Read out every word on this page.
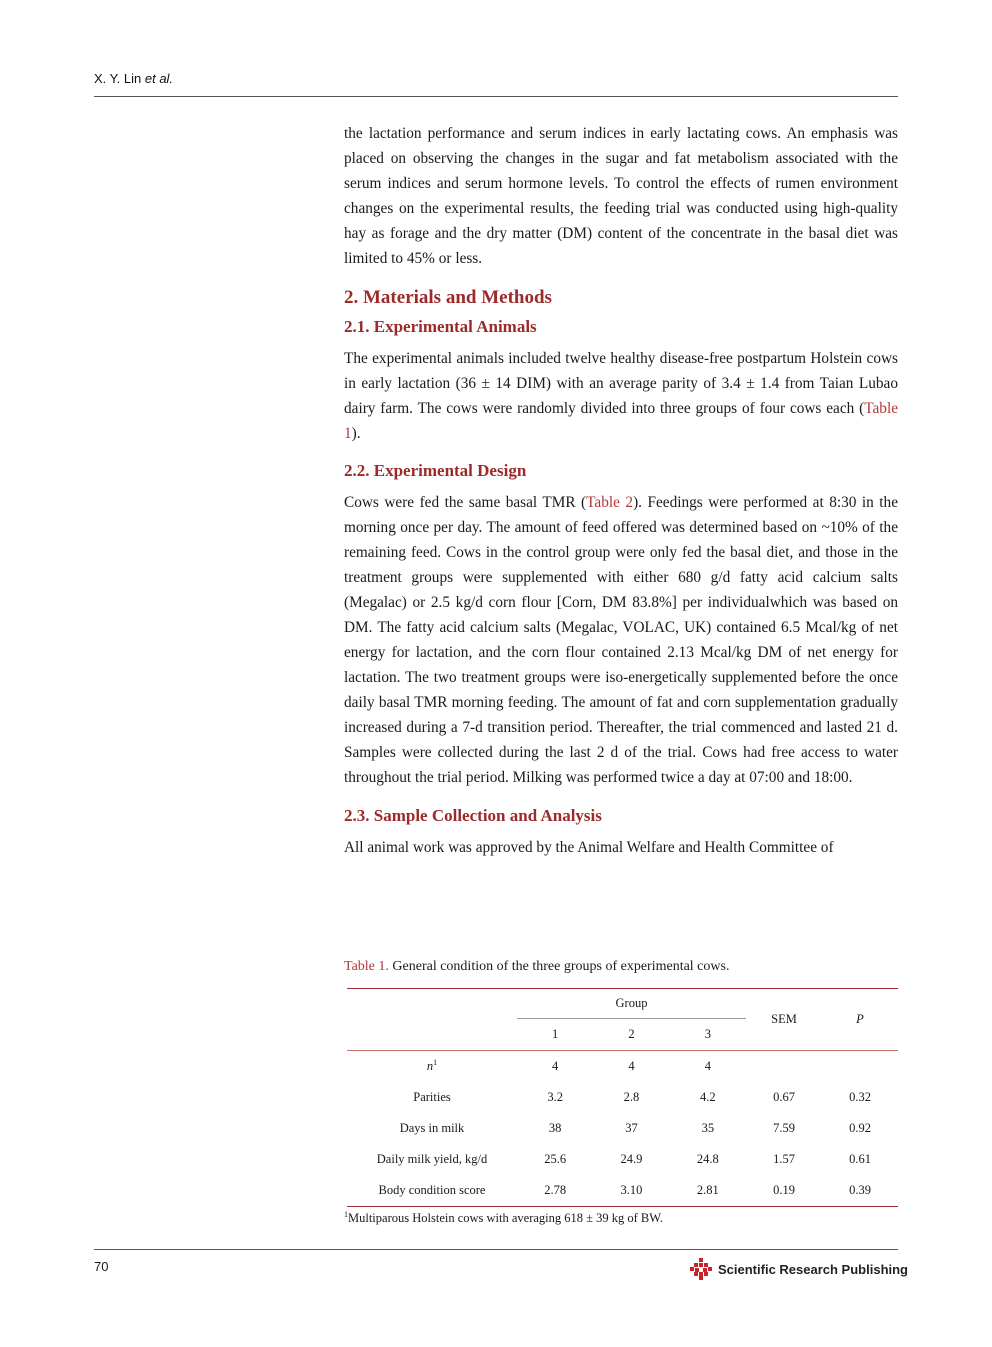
X. Y. Lin et al.

the lactation performance and serum indices in early lactating cows. An emphasis was placed on observing the changes in the sugar and fat metabolism associated with the serum indices and serum hormone levels. To control the effects of rumen environment changes on the experimental results, the feeding trial was conducted using high-quality hay as forage and the dry matter (DM) content of the concentrate in the basal diet was limited to 45% or less.

2. Materials and Methods
2.1. Experimental Animals

The experimental animals included twelve healthy disease-free postpartum Holstein cows in early lactation (36 ± 14 DIM) with an average parity of 3.4 ± 1.4 from Taian Lubao dairy farm. The cows were randomly divided into three groups of four cows each (Table 1).

2.2. Experimental Design

Cows were fed the same basal TMR (Table 2). Feedings were performed at 8:30 in the morning once per day. The amount of feed offered was determined based on ~10% of the remaining feed. Cows in the control group were only fed the basal diet, and those in the treatment groups were supplemented with either 680 g/d fatty acid calcium salts (Megalac) or 2.5 kg/d corn flour [Corn, DM 83.8%] per individualwhich was based on DM. The fatty acid calcium salts (Megalac, VOLAC, UK) contained 6.5 Mcal/kg of net energy for lactation, and the corn flour contained 2.13 Mcal/kg DM of net energy for lactation. The two treatment groups were iso-energetically supplemented before the once daily basal TMR morning feeding. The amount of fat and corn supplementation gradually increased during a 7-d transition period. Thereafter, the trial commenced and lasted 21 d. Samples were collected during the last 2 d of the trial. Cows had free access to water throughout the trial period. Milking was performed twice a day at 07:00 and 18:00.

2.3. Sample Collection and Analysis

All animal work was approved by the Animal Welfare and Health Committee of

Table 1. General condition of the three groups of experimental cows.

	Group			SEM	P
	1	2	3		
$n^1$	4	4	4		
Parities	3.2	2.8	4.2	0.67	0.32
Days in milk	38	37	35	7.59	0.92
Daily milk yield, kg/d	25.6	24.9	24.8	1.57	0.61
Body condition score	2.78	3.10	2.81	0.19	0.39
$^1$Multiparous Holstein cows with averaging 618 ± 39 kg of BW.
70	Scientific Research Publishing
